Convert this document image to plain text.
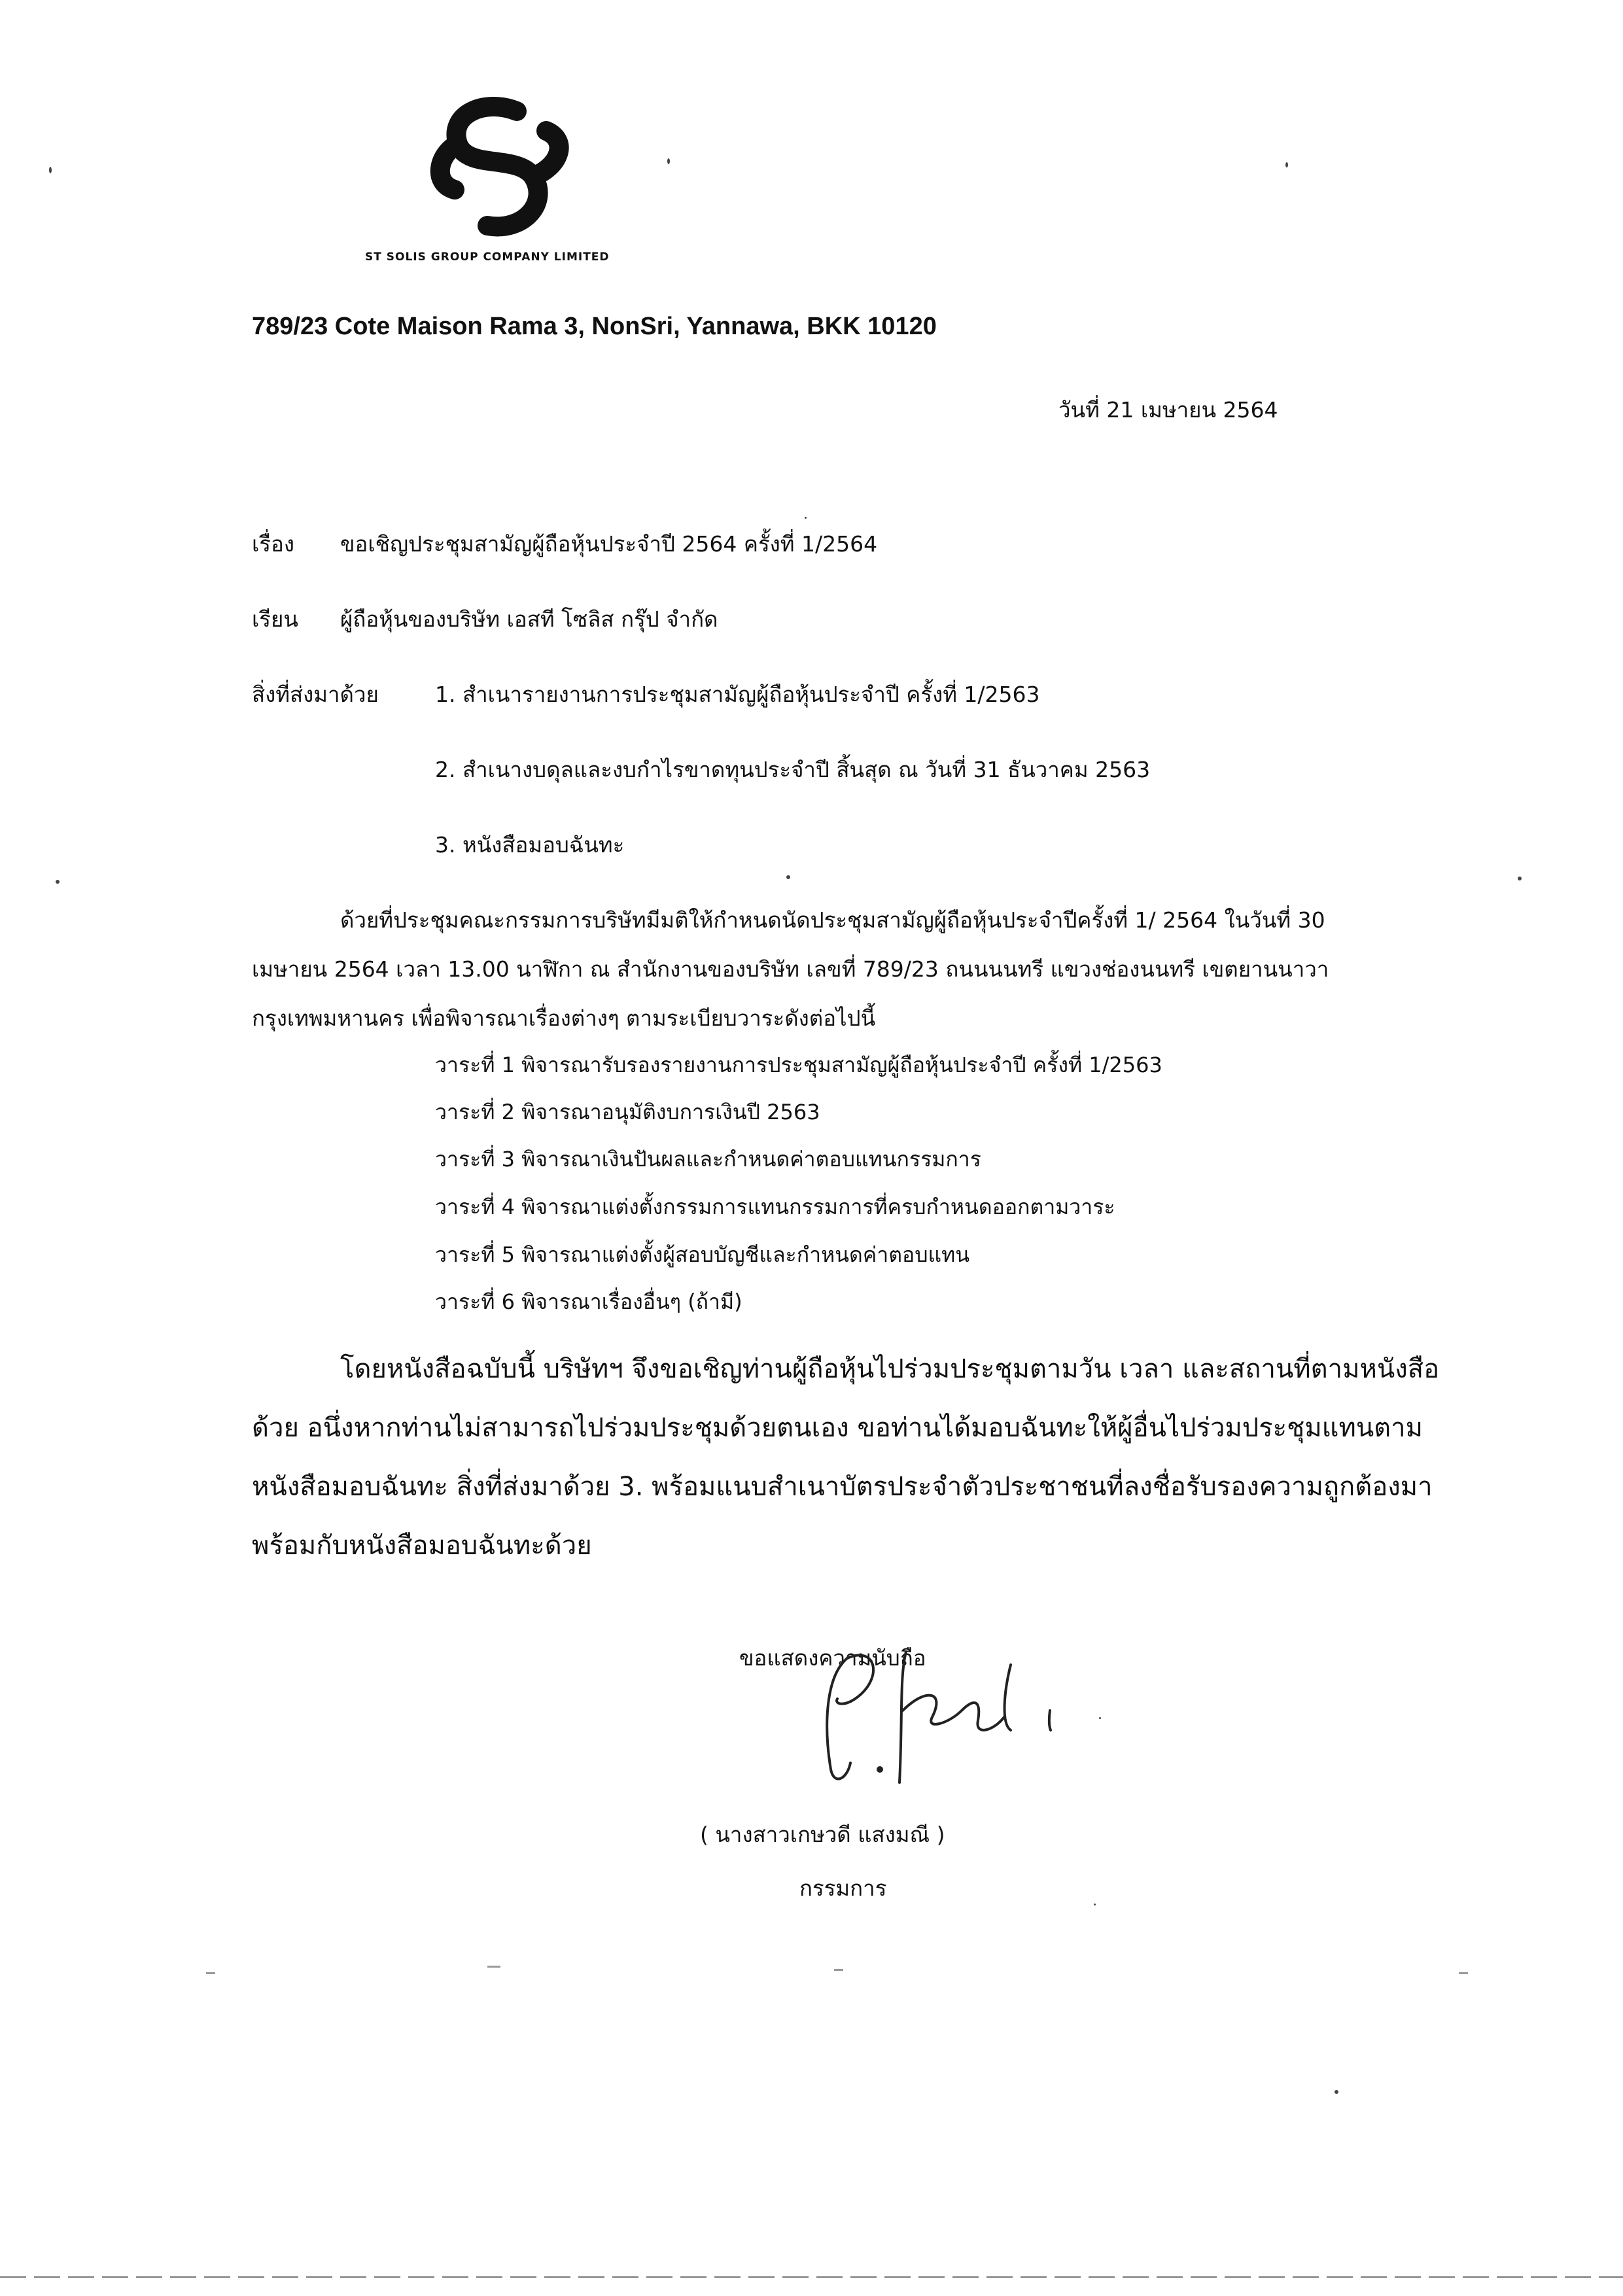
ST SOLIS GROUP COMPANY LIMITED
789/23 Cote Maison Rama 3, NonSri, Yannawa, BKK 10120
วันที่ 21 เมษายน 2564
เรื่อง ขอเชิญประชุมสามัญผู้ถือหุ้นประจำปี 2564 ครั้งที่ 1/2564
เรียน ผู้ถือหุ้นของบริษัท เอสที โซลิส กรุ๊ป จำกัด
สิ่งที่ส่งมาด้วย	1. สำเนารายงานการประชุมสามัญผู้ถือหุ้นประจำปี ครั้งที่ 1/2563
2. สำเนางบดุลและงบกำไรขาดทุนประจำปี สิ้นสุด ณ วันที่ 31 ธันวาคม 2563
3. หนังสือมอบฉันทะ
ด้วยที่ประชุมคณะกรรมการบริษัทมีมติให้กำหนดนัดประชุมสามัญผู้ถือหุ้นประจำปีครั้งที่ 1/ 2564 ในวันที่ 30
เมษายน 2564 เวลา 13.00 นาฬิกา ณ สำนักงานของบริษัท เลขที่ 789/23 ถนนนนทรี แขวงช่องนนทรี เขตยานนาวา
กรุงเทพมหานคร เพื่อพิจารณาเรื่องต่างๆ ตามระเบียบวาระดังต่อไปนี้
วาระที่ 1 พิจารณารับรองรายงานการประชุมสามัญผู้ถือหุ้นประจำปี ครั้งที่ 1/2563
วาระที่ 2 พิจารณาอนุมัติงบการเงินปี 2563
วาระที่ 3 พิจารณาเงินปันผลและกำหนดค่าตอบแทนกรรมการ
วาระที่ 4 พิจารณาแต่งตั้งกรรมการแทนกรรมการที่ครบกำหนดออกตามวาระ
วาระที่ 5 พิจารณาแต่งตั้งผู้สอบบัญชีและกำหนดค่าตอบแทน
วาระที่ 6 พิจารณาเรื่องอื่นๆ (ถ้ามี)
โดยหนังสือฉบับนี้ บริษัทฯ จึงขอเชิญท่านผู้ถือหุ้นไปร่วมประชุมตามวัน เวลา และสถานที่ตามหนังสือ
ด้วย อนึ่งหากท่านไม่สามารถไปร่วมประชุมด้วยตนเอง ขอท่านได้มอบฉันทะให้ผู้อื่นไปร่วมประชุมแทนตาม
หนังสือมอบฉันทะ สิ่งที่ส่งมาด้วย 3. พร้อมแนบสำเนาบัตรประจำตัวประชาชนที่ลงชื่อรับรองความถูกต้องมา
พร้อมกับหนังสือมอบฉันทะด้วย
ขอแสดงความนับถือ
( นางสาวเกษวดี แสงมณี )
กรรมการ
